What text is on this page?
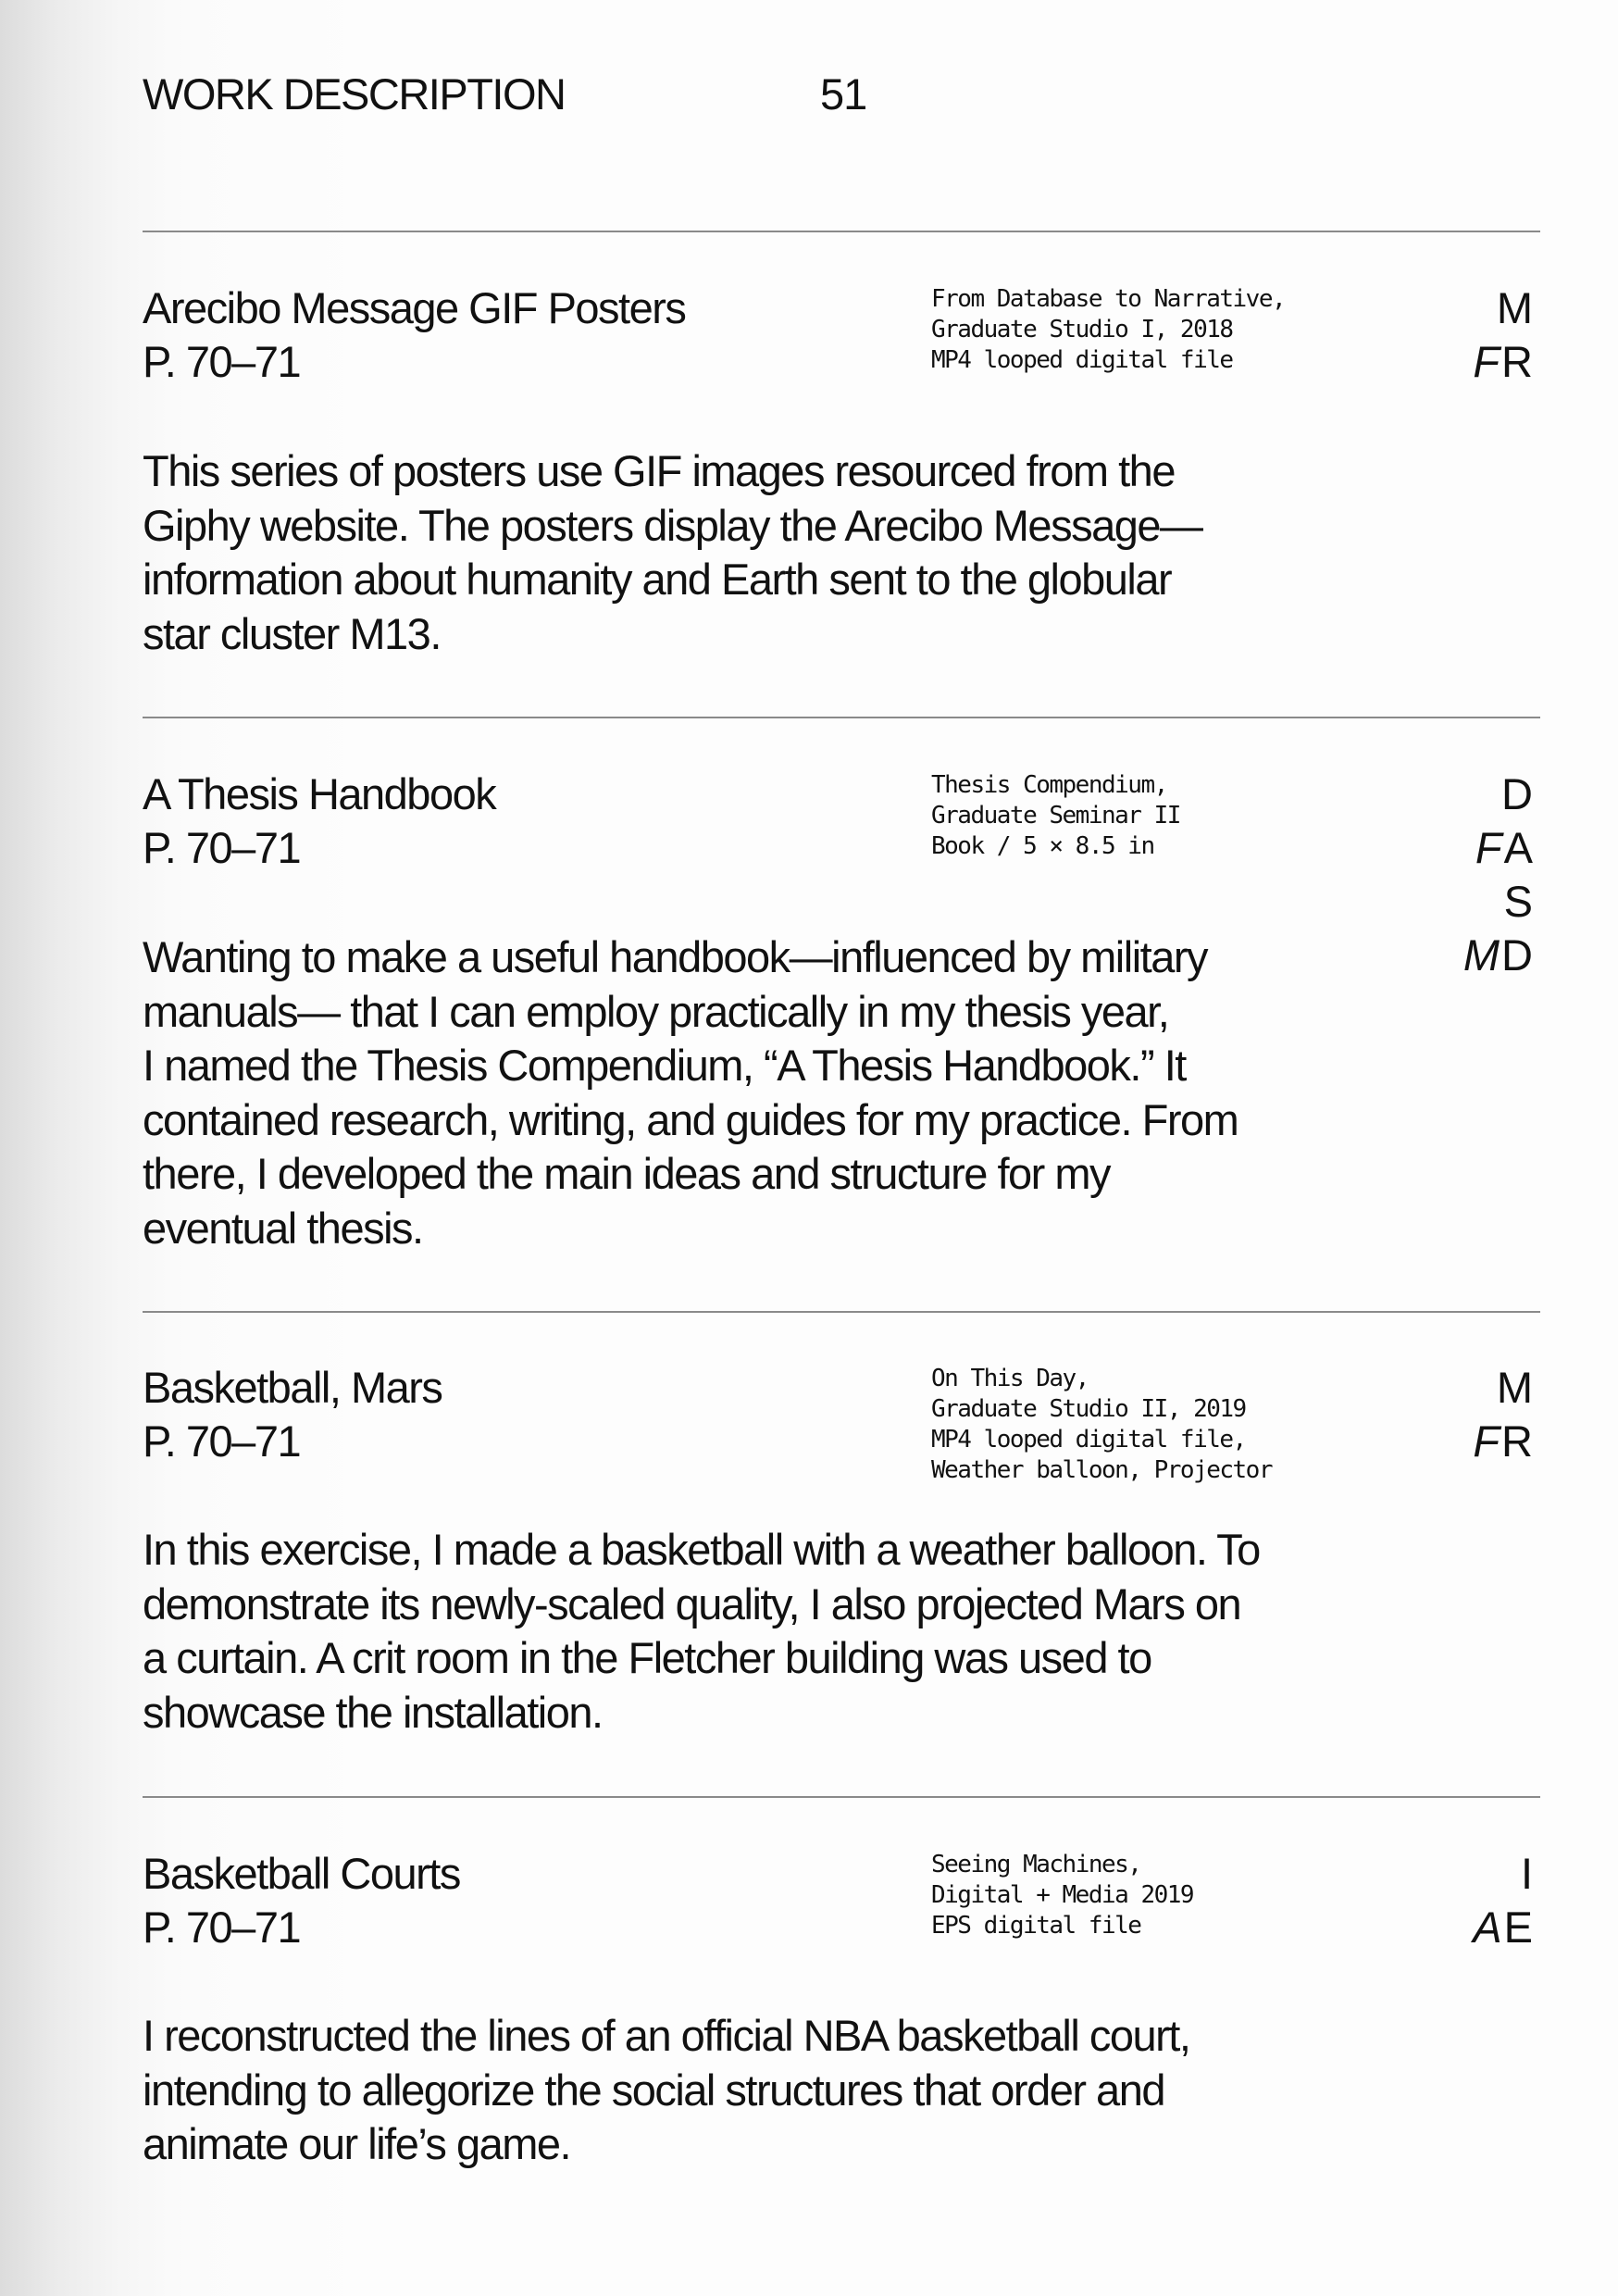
WORK DESCRIPTION	51
Arecibo Message GIF Posters
P. 70–71
From Database to Narrative,
Graduate Studio I, 2018
MP4 looped digital file
M
FR

This series of posters use GIF images resourced from the

Giphy website. The posters display the Arecibo Message—

information about humanity and Earth sent to the globular

star cluster M13.

A Thesis Handbook
P. 70–71
Thesis Compendium,
Graduate Seminar II
Book / 5 × 8.5 in
D
FA
S
MD

Wanting to make a useful handbook—influenced by military

manuals— that I can employ practically in my thesis year,

I named the Thesis Compendium, “A Thesis Handbook.” It

contained research, writing, and guides for my practice. From

there, I developed the main ideas and structure for my

eventual thesis.

Basketball, Mars
P. 70–71
On This Day,
Graduate Studio II, 2019
MP4 looped digital file,
Weather balloon, Projector
M
FR

In this exercise, I made a basketball with a weather balloon. To

demonstrate its newly-scaled quality, I also projected Mars on

a curtain. A crit room in the Fletcher building was used to

showcase the installation.

Basketball Courts
P. 70–71
Seeing Machines,
Digital + Media 2019
EPS digital file
I
AE

I reconstructed the lines of an official NBA basketball court,

intending to allegorize the social structures that order and

animate our life’s game.
